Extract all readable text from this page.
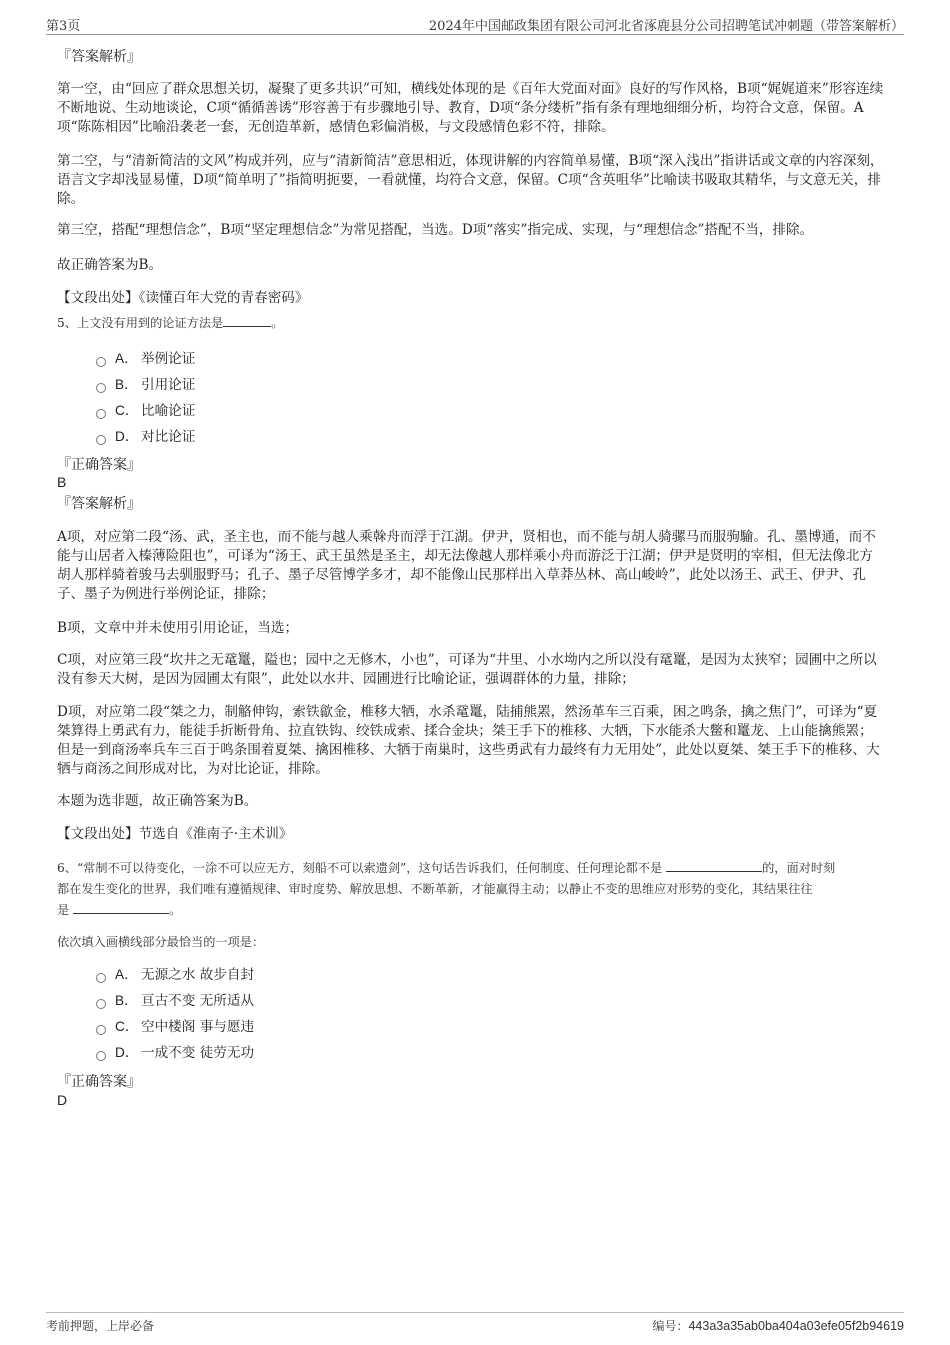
第3页	2024年中国邮政集团有限公司河北省涿鹿县分公司招聘笔试冲刺题（带答案解析）
『答案解析』

第一空，由“回应了群众思想关切，凝聚了更多共识”可知，横线处体现的是《百年大党面对面》良好的写作风格，B项“娓娓道来”形容连续不断地说、生动地谈论，C项“循循善诱”形容善于有步骤地引导、教育，D项“条分缕析”指有条有理地细细分析，均符合文意，保留。A项“陈陈相因”比喻沿袭老一套，无创造革新，感情色彩偏消极，与文段感情色彩不符，排除。

第二空，与“清新简洁的文风”构成并列，应与“清新简洁”意思相近，体现讲解的内容简单易懂，B项“深入浅出”指讲话或文章的内容深刻，语言文字却浅显易懂，D项“简单明了”指简明扼要，一看就懂，均符合文意，保留。C项“含英咀华”比喻读书吸取其精华，与文意无关，排除。

第三空，搭配“理想信念”，B项“坚定理想信念”为常见搭配，当选。D项“落实”指完成、实现，与“理想信念”搭配不当，排除。

故正确答案为B。

【文段出处】《读懂百年大党的青春密码》
5、上文没有用到的论证方法是	。
A． 举例论证
B． 引用论证
C． 比喻论证
D． 对比论证
『正确答案』
B
『答案解析』

A项，对应第二段“汤、武，圣主也，而不能与越人乘榦舟而浮于江湖。伊尹，贤相也，而不能与胡人骑骡马而服驹騟。孔、墨博通，而不能与山居者入榛薄险阻也”，可译为“汤王、武王虽然是圣主，却无法像越人那样乘小舟而游泛于江湖；伊尹是贤明的宰相，但无法像北方胡人那样骑着骏马去驯服野马；孔子、墨子尽管博学多才，却不能像山民那样出入草莽丛林、高山峻岭”，此处以汤王、武王、伊尹、孔子、墨子为例进行举例论证，排除；

B项，文章中并未使用引用论证，当选；

C项，对应第三段“坎井之无鼋鼍，隘也；园中之无修木，小也”，可译为“井里、小水坳内之所以没有鼋鼍，是因为太狭窄；园圃中之所以没有参天大树，是因为园圃太有限”，此处以水井、园圃进行比喻论证，强调群体的力量，排除；

D项，对应第二段“桀之力，制觡伸钩，索铁歙金，椎移大牺，水杀鼋鼍，陆捕熊罴，然汤革车三百乘，困之鸣条，擒之焦门”，可译为“夏桀算得上勇武有力，能徒手折断骨角、拉直铁钩、绞铁成索、揉合金块；桀王手下的椎移、大牺，下水能杀大鳖和鼍龙、上山能擒熊罴；但是一到商汤率兵车三百于鸣条围着夏桀、擒困椎移、大牺于南巢时，这些勇武有力最终有力无用处”，此处以夏桀、桀王手下的椎移、大牺与商汤之间形成对比，为对比论证，排除。

本题为选非题，故正确答案为B。

【文段出处】节选自《淮南子·主术训》
6、“常制不可以待变化，一涂不可以应无方，刻船不可以索遗剑”，这句话告诉我们，任何制度、任何理论都不是	的，面对时刻
都在发生变化的世界，我们唯有遵循规律、审时度势、解放思想、不断革新，才能赢得主动；以静止不变的思维应对形势的变化，其结果往往
是	。
依次填入画横线部分最恰当的一项是：
A． 无源之水 故步自封
B． 亘古不变 无所适从
C． 空中楼阁 事与愿违
D． 一成不变 徒劳无功
『正确答案』
D
考前押题，上岸必备	编号：443a3a35ab0ba404a03efe05f2b94619
